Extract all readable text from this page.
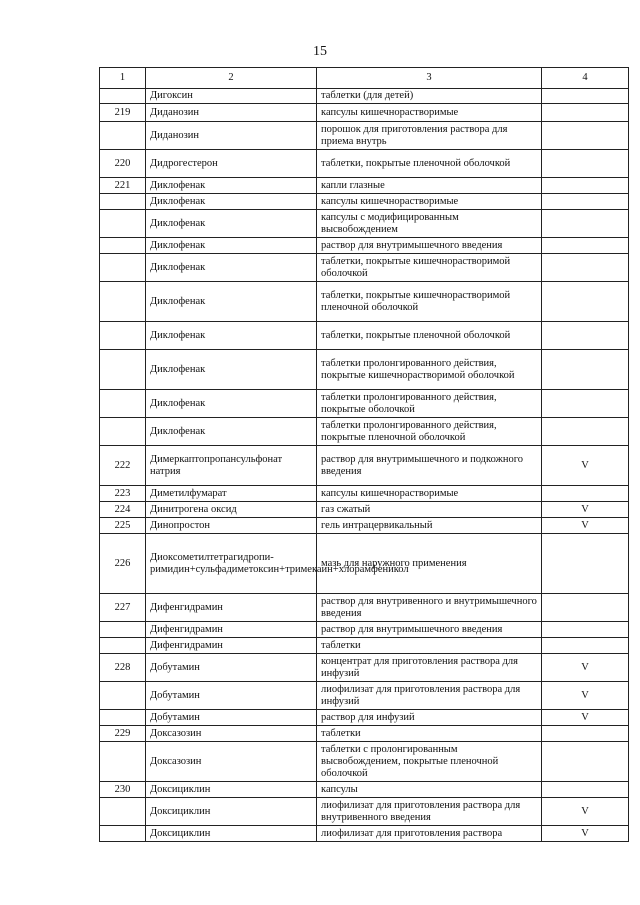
15
1	2	3	4
	Дигоксин	таблетки (для детей)	
219	Диданозин	капсулы кишечнорастворимые	
	Диданозин	порошок для приготовления раствора для приема внутрь	
220	Дидрогестерон	таблетки, покрытые пленочной оболочкой	
221	Диклофенак	капли глазные	
	Диклофенак	капсулы кишечнорастворимые	
	Диклофенак	капсулы с модифицированным высвобождением	
	Диклофенак	раствор для внутримышечного введения	
	Диклофенак	таблетки, покрытые кишечнорастворимой оболочкой	
	Диклофенак	таблетки, покрытые кишечнорастворимой пленочной оболочкой	
	Диклофенак	таблетки, покрытые пленочной оболочкой	
	Диклофенак	таблетки пролонгированного действия, покрытые кишечнорастворимой оболочкой	
	Диклофенак	таблетки пролонгированного действия, покрытые оболочкой	
	Диклофенак	таблетки пролонгированного действия, покрытые пленочной оболочкой	
222	Димеркаптопропансульфонат натрия	раствор для внутримышечного и подкожного введения	V
223	Диметилфумарат	капсулы кишечнорастворимые	
224	Динитрогена оксид	газ сжатый	V
225	Динопростон	гель интрацервикальный	V
226	Диоксометилтетрагидропи-римидин+сульфадиметоксин+тримекаин+хлорамфеникол	мазь для наружного применения	
227	Дифенгидрамин	раствор для внутривенного и внутримышечного введения	
	Дифенгидрамин	раствор для внутримышечного введения	
	Дифенгидрамин	таблетки	
228	Добутамин	концентрат для приготовления раствора для инфузий	V
	Добутамин	лиофилизат для приготовления раствора для инфузий	V
	Добутамин	раствор для инфузий	V
229	Доксазозин	таблетки	
	Доксазозин	таблетки с пролонгированным высвобождением, покрытые пленочной оболочкой	
230	Доксициклин	капсулы	
	Доксициклин	лиофилизат для приготовления раствора для внутривенного введения	V
	Доксициклин	лиофилизат для приготовления раствора	V
